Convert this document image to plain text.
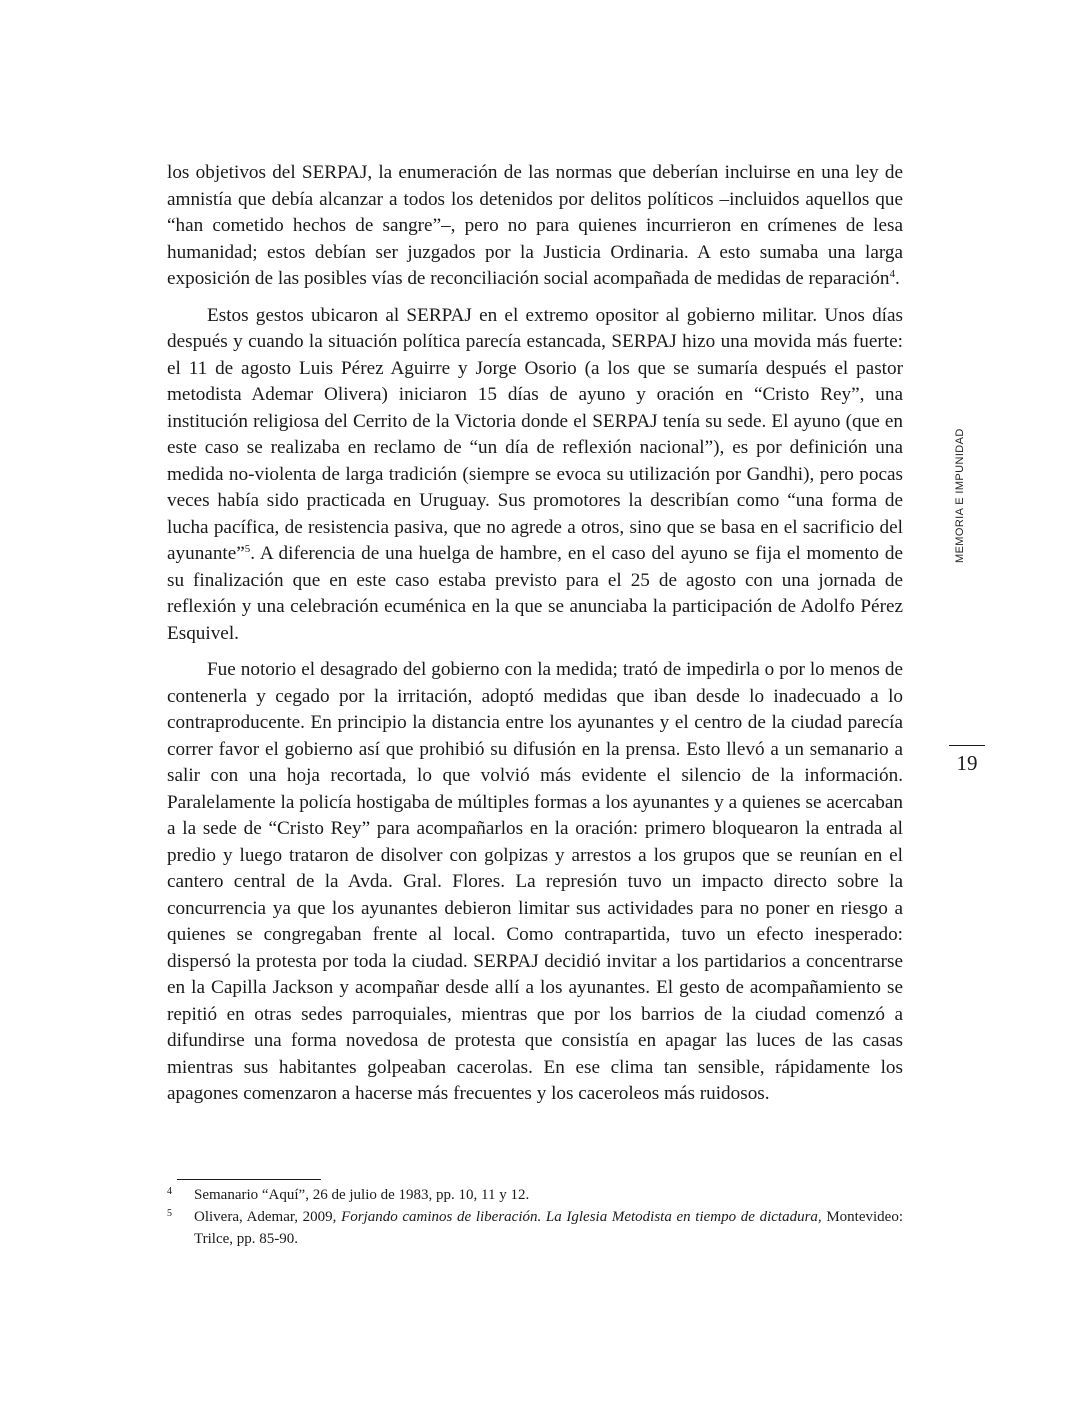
los objetivos del SERPAJ, la enumeración de las normas que deberían incluirse en una ley de amnistía que debía alcanzar a todos los detenidos por delitos políticos –incluidos aquellos que “han cometido hechos de sangre”–, pero no para quienes incurrieron en crímenes de lesa humanidad; estos debían ser juzgados por la Justicia Ordinaria. A esto sumaba una larga exposición de las posibles vías de reconciliación social acompañada de medidas de reparación$^4$.

Estos gestos ubicaron al SERPAJ en el extremo opositor al gobierno militar. Unos días después y cuando la situación política parecía estancada, SERPAJ hizo una movida más fuerte: el 11 de agosto Luis Pérez Aguirre y Jorge Osorio (a los que se sumaría después el pastor metodista Ademar Olivera) iniciaron 15 días de ayuno y oración en “Cristo Rey”, una institución religiosa del Cerrito de la Victoria donde el SERPAJ tenía su sede. El ayuno (que en este caso se realizaba en reclamo de “un día de reflexión nacional”), es por definición una medida no-violenta de larga tradición (siempre se evoca su utilización por Gandhi), pero pocas veces había sido practicada en Uruguay. Sus promotores la describían como “una forma de lucha pacífica, de resistencia pasiva, que no agrede a otros, sino que se basa en el sacrificio del ayunante”$^5$. A diferencia de una huelga de hambre, en el caso del ayuno se fija el momento de su finalización que en este caso estaba previsto para el 25 de agosto con una jornada de reflexión y una celebración ecuménica en la que se anunciaba la participación de Adolfo Pérez Esquivel.

Fue notorio el desagrado del gobierno con la medida; trató de impedirla o por lo menos de contenerla y cegado por la irritación, adoptó medidas que iban desde lo inadecuado a lo contraproducente. En principio la distancia entre los ayunantes y el centro de la ciudad parecía correr favor el gobierno así que prohibió su difusión en la prensa. Esto llevó a un semanario a salir con una hoja recortada, lo que volvió más evidente el silencio de la información. Paralelamente la policía hostigaba de múltiples formas a los ayunantes y a quienes se acercaban a la sede de “Cristo Rey” para acompañarlos en la oración: primero bloquearon la entrada al predio y luego trataron de disolver con golpizas y arrestos a los grupos que se reunían en el cantero central de la Avda. Gral. Flores. La represión tuvo un impacto directo sobre la concurrencia ya que los ayunantes debieron limitar sus actividades para no poner en riesgo a quienes se congregaban frente al local. Como contrapartida, tuvo un efecto inesperado: dispersó la protesta por toda la ciudad. SERPAJ decidió invitar a los partidarios a concentrarse en la Capilla Jackson y acompañar desde allí a los ayunantes. El gesto de acompañamiento se repitió en otras sedes parroquiales, mientras que por los barrios de la ciudad comenzó a difundirse una forma novedosa de protesta que consistía en apagar las luces de las casas mientras sus habitantes golpeaban cacerolas. En ese clima tan sensible, rápidamente los apagones comenzaron a hacerse más frecuentes y los caceroleos más ruidosos.

4 Semanario “Aquí”, 26 de julio de 1983, pp. 10, 11 y 12.

5 Olivera, Ademar, 2009, Forjando caminos de liberación. La Iglesia Metodista en tiempo de dictadura, Montevideo: Trilce, pp. 85-90.

MEMORIA E IMPUNIDAD
19
